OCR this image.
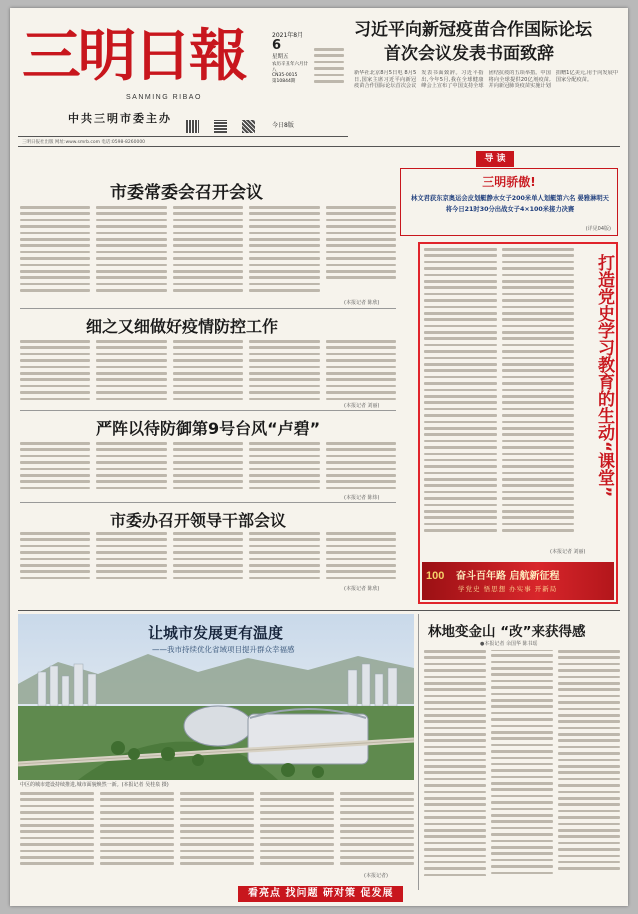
三明日報
SANMING RIBAO
中共三明市委主办
2021年8月
6
星期五
农历辛丑年六月廿八
CN35-0015
第10844期
今日8版
三明日报社出版 网址:www.smrb.com 电话:0598-8260000
习近平向新冠疫苗合作国际论坛
首次会议发表书面致辞
新华社北京8月5日电 8月5日,国家主席习近平向新冠疫苗合作国际论坛首次会议发表书面致辞。习近平指出,今年5月,我在全球健康峰会上宣布了中国支持全球团结抗疫的五项举措。中国将向全球提供20亿剂疫苗,并向新冠肺炎疫苗实施计划捐赠1亿美元,用于向发展中国家分配疫苗。
导 读
三明骄傲!
林文君获东京奥运会皮划艇静水女子200米单人划艇第六名 晏雅淋明天将今日21时30分出战女子4×100米接力决赛
(详见04版)
市委常委会召开会议
(本报记者 陈欣)
细之又细做好疫情防控工作
(本报记者 刘丽)
严阵以待防御第9号台风“卢碧”
(本报记者 陈炜)
市委办召开领导干部会议
(本报记者 陈欣)
打造党史学习教育的生动“课堂”
(本报记者 刘丽)
100 奋斗百年路 启航新征程
学党史 悟思想 办实事 开新局
让城市发展更有温度
——我市持续优化省域项目提升群众幸福感
中区的城市建设持续推进,城市面貌焕然一新。(本报记者 吴桂泉 摄)
(本报记者)
林地变金山 “改”来获得感
●本报记者 余国华 陈书瑶
看亮点 找问题 研对策 促发展
